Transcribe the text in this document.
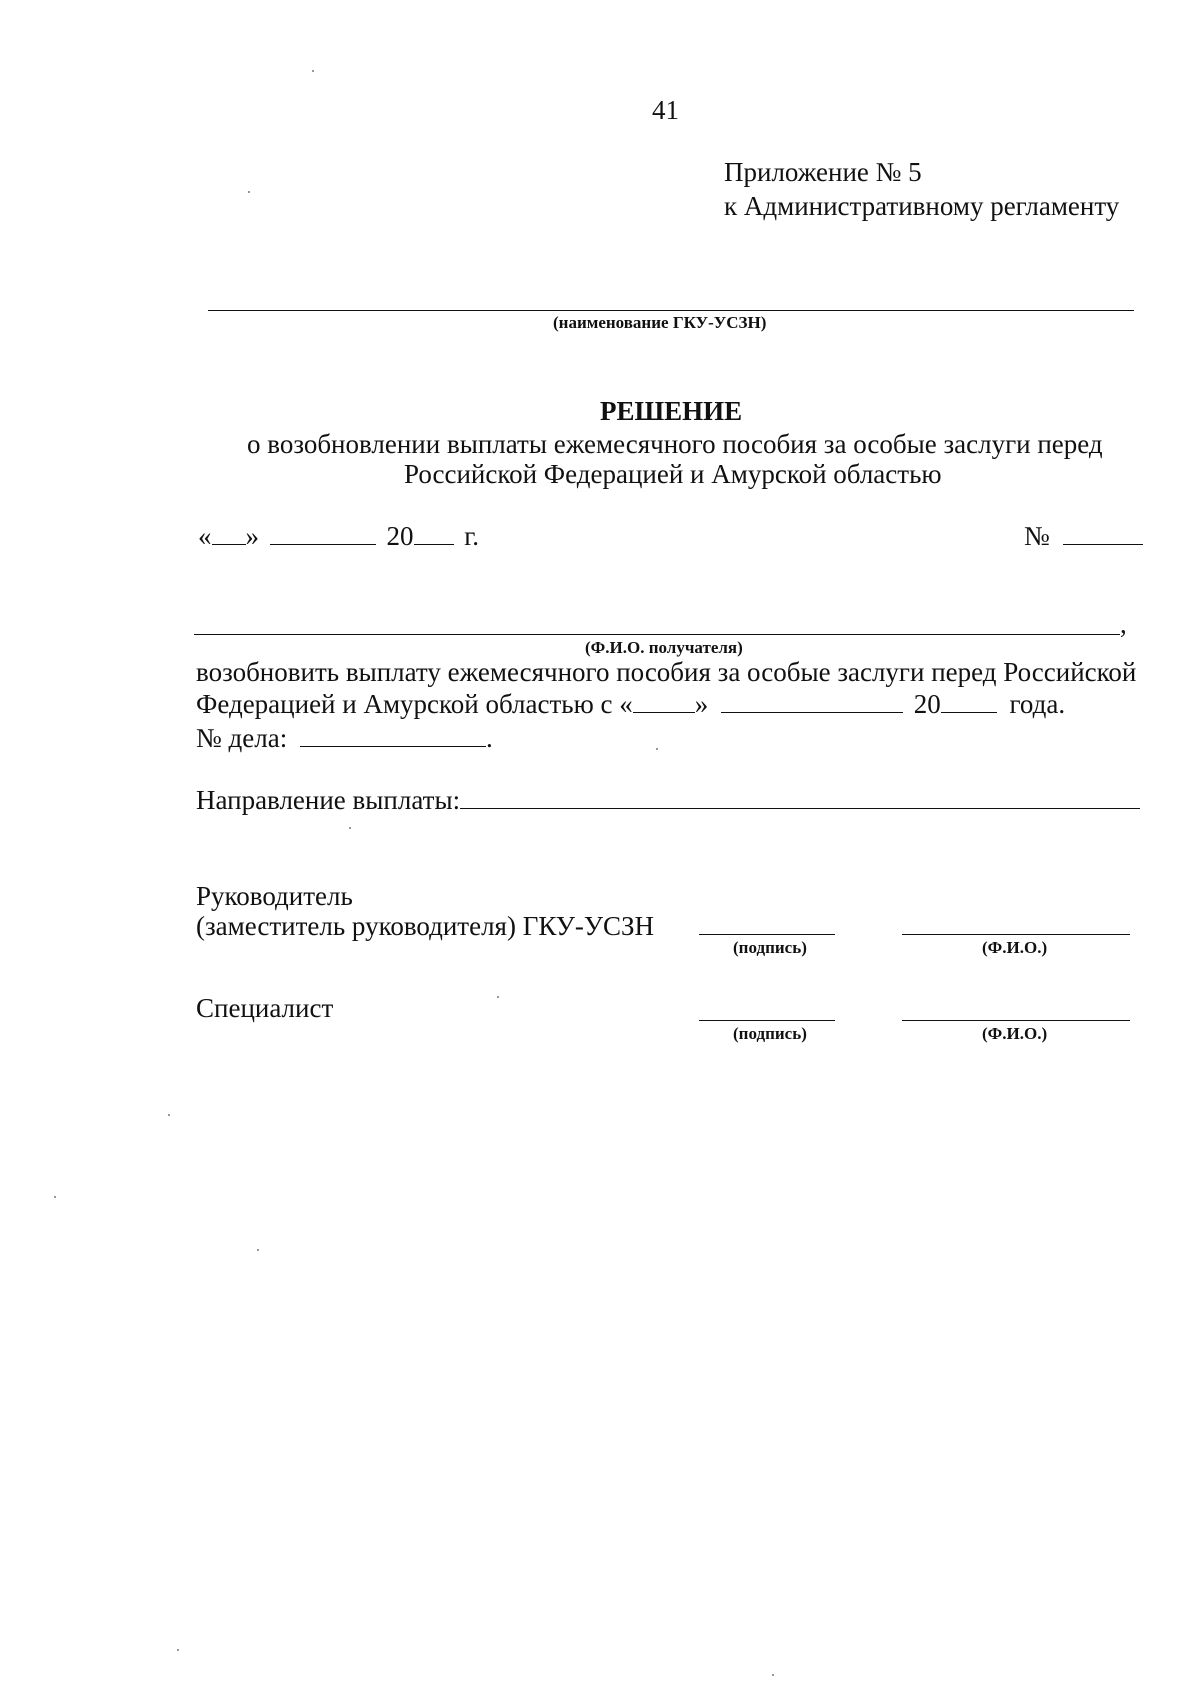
41
Приложение № 5
к Административному регламенту
(наименование ГКУ-УСЗН)
РЕШЕНИЕ
о возобновлении выплаты ежемесячного пособия за особые заслуги перед
Российской Федерацией и Амурской областью
« »	20 г.	№
,
(Ф.И.О. получателя)
возобновить выплату ежемесячного пособия за особые заслуги перед Российской
Федерацией и Амурской областью с « »	20	года.
№ дела:	.
Направление выплаты:
Руководитель
(заместитель руководителя) ГКУ-УСЗН
(подпись)	(Ф.И.О.)
Специалист
(подпись)	(Ф.И.О.)
